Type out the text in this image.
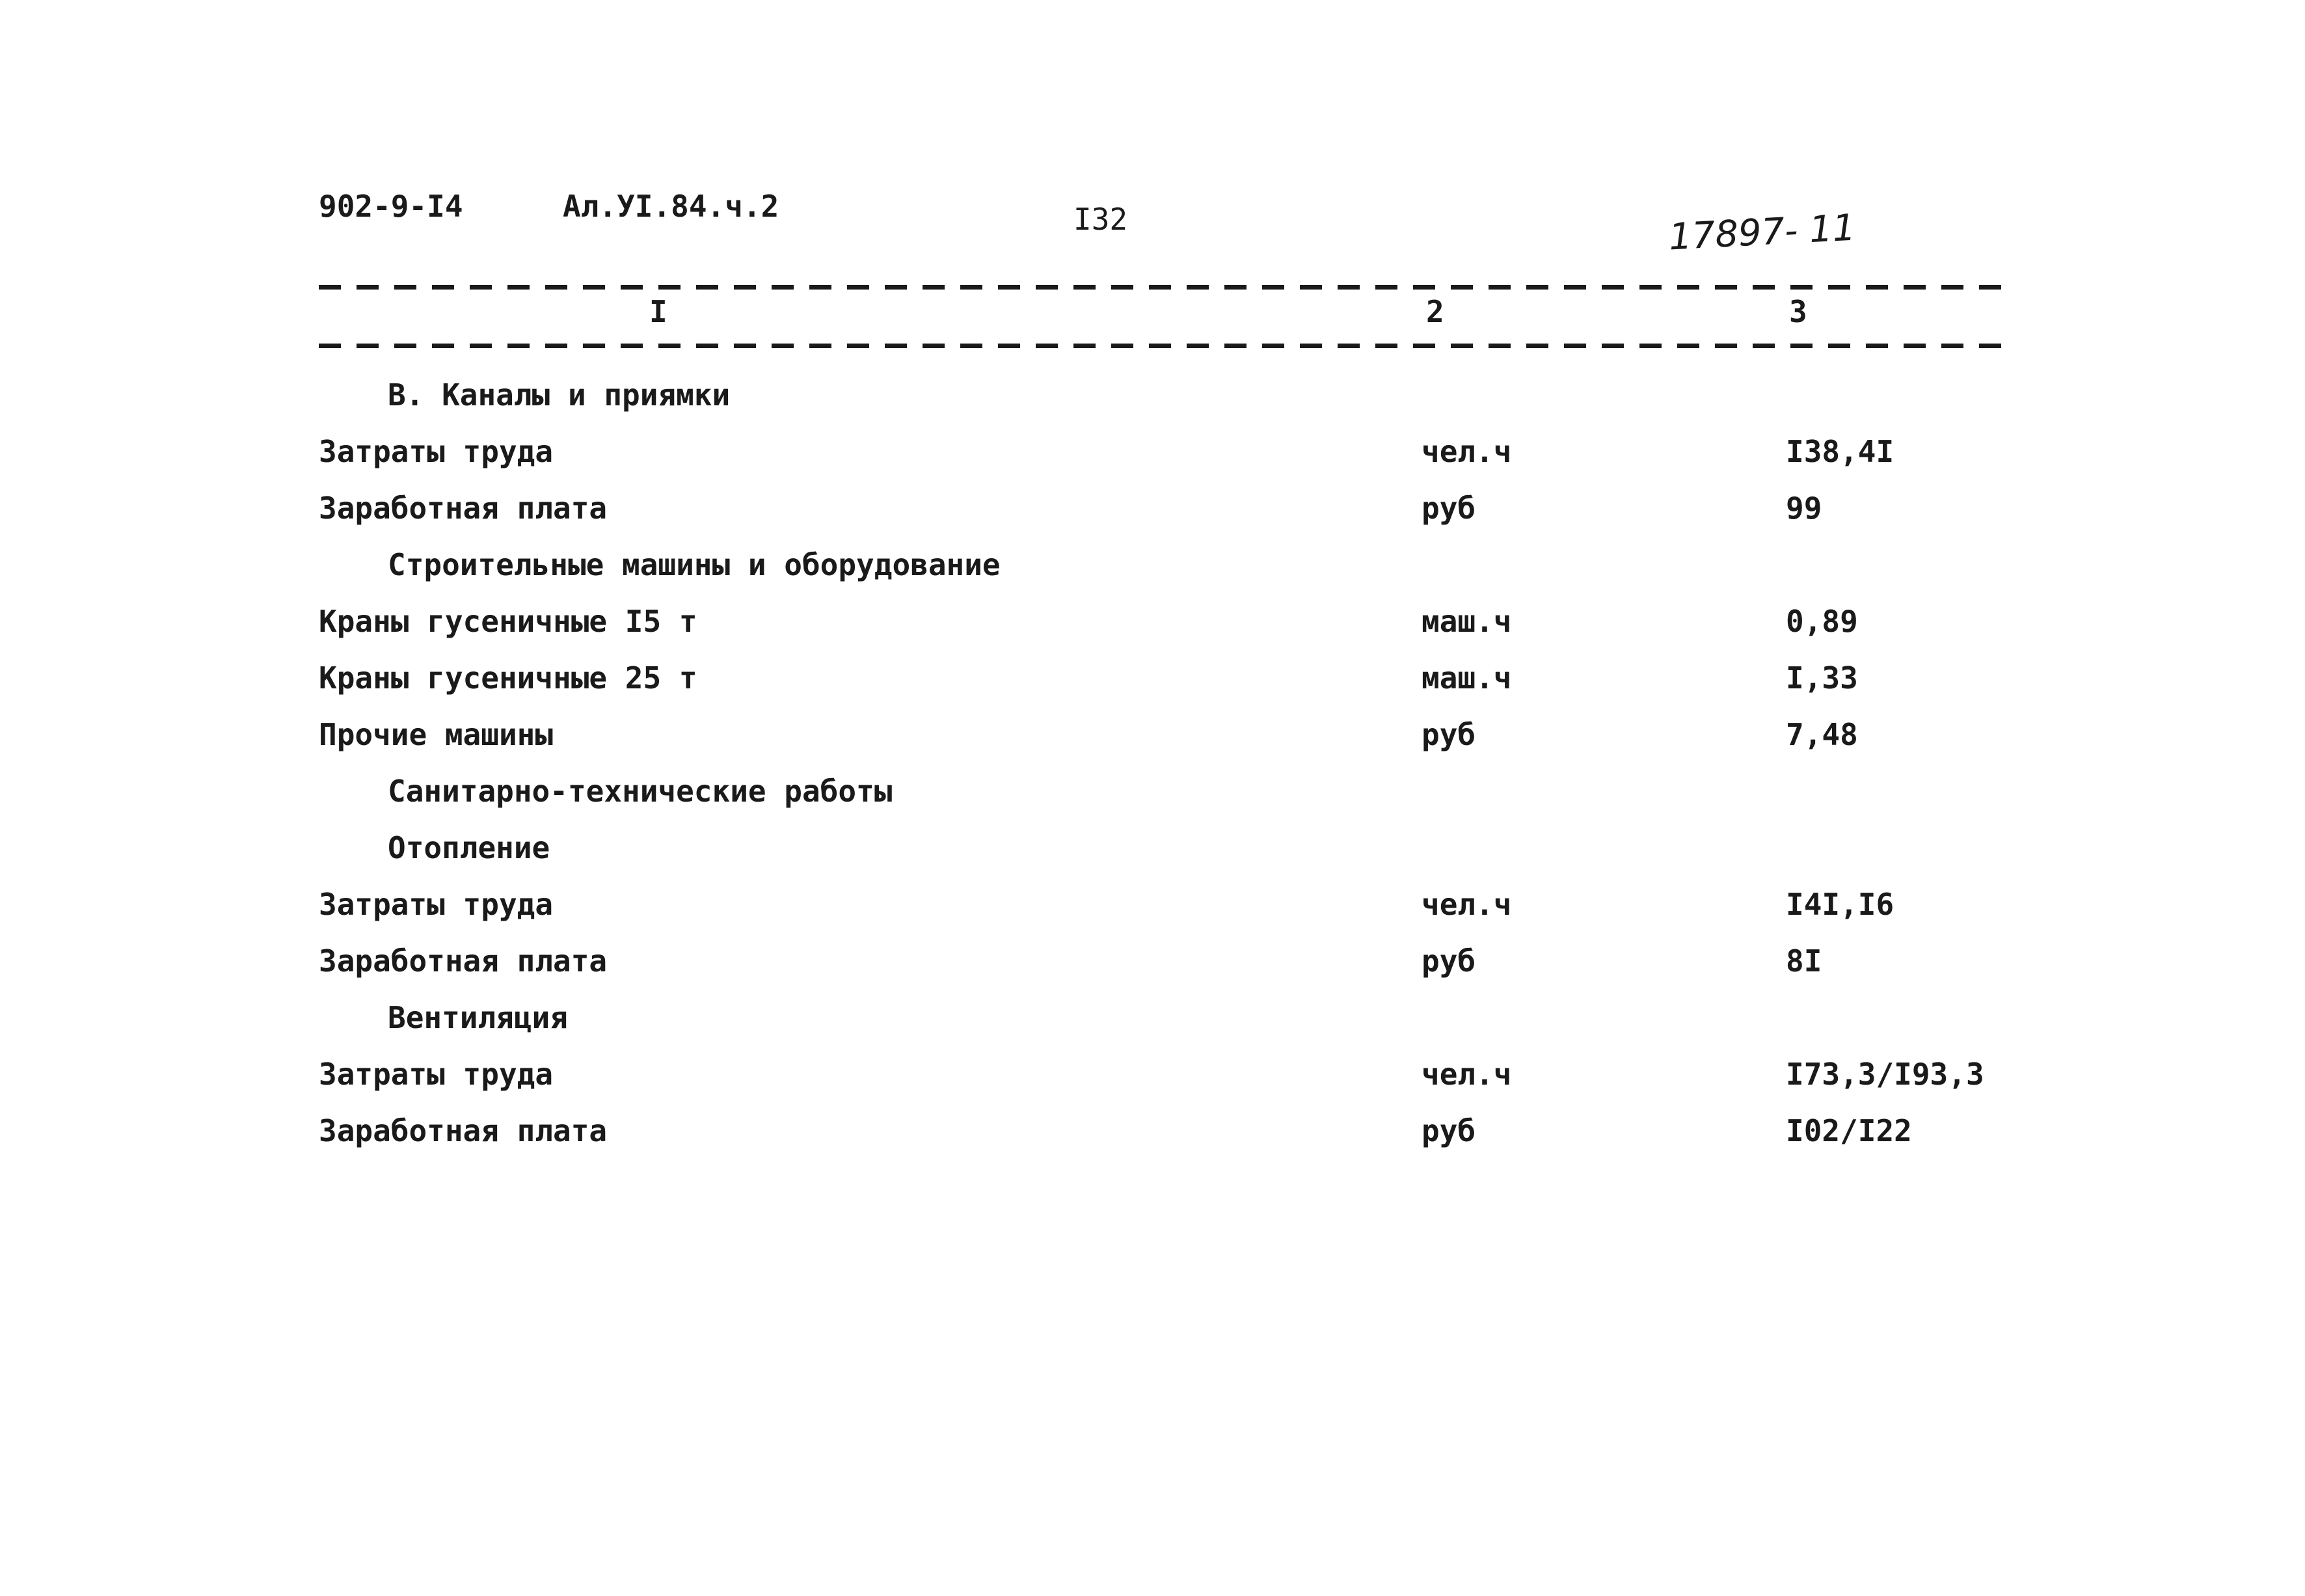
902-9-I4	Ал.УI.84.ч.2	I32	17897- 11
I	2	3
В. Каналы и приямки
Затраты труда	чел.ч	I38,4I
Заработная плата	руб	99
Строительные машины и оборудование
Краны гусеничные I5 т	маш.ч	0,89
Краны гусеничные 25 т	маш.ч	I,33
Прочие машины	руб	7,48
Санитарно-технические работы
Отопление
Затраты труда	чел.ч	I4I,I6
Заработная плата	руб	8I
Вентиляция
Затраты труда	чел.ч	I73,3/I93,3
Заработная плата	руб	I02/I22
